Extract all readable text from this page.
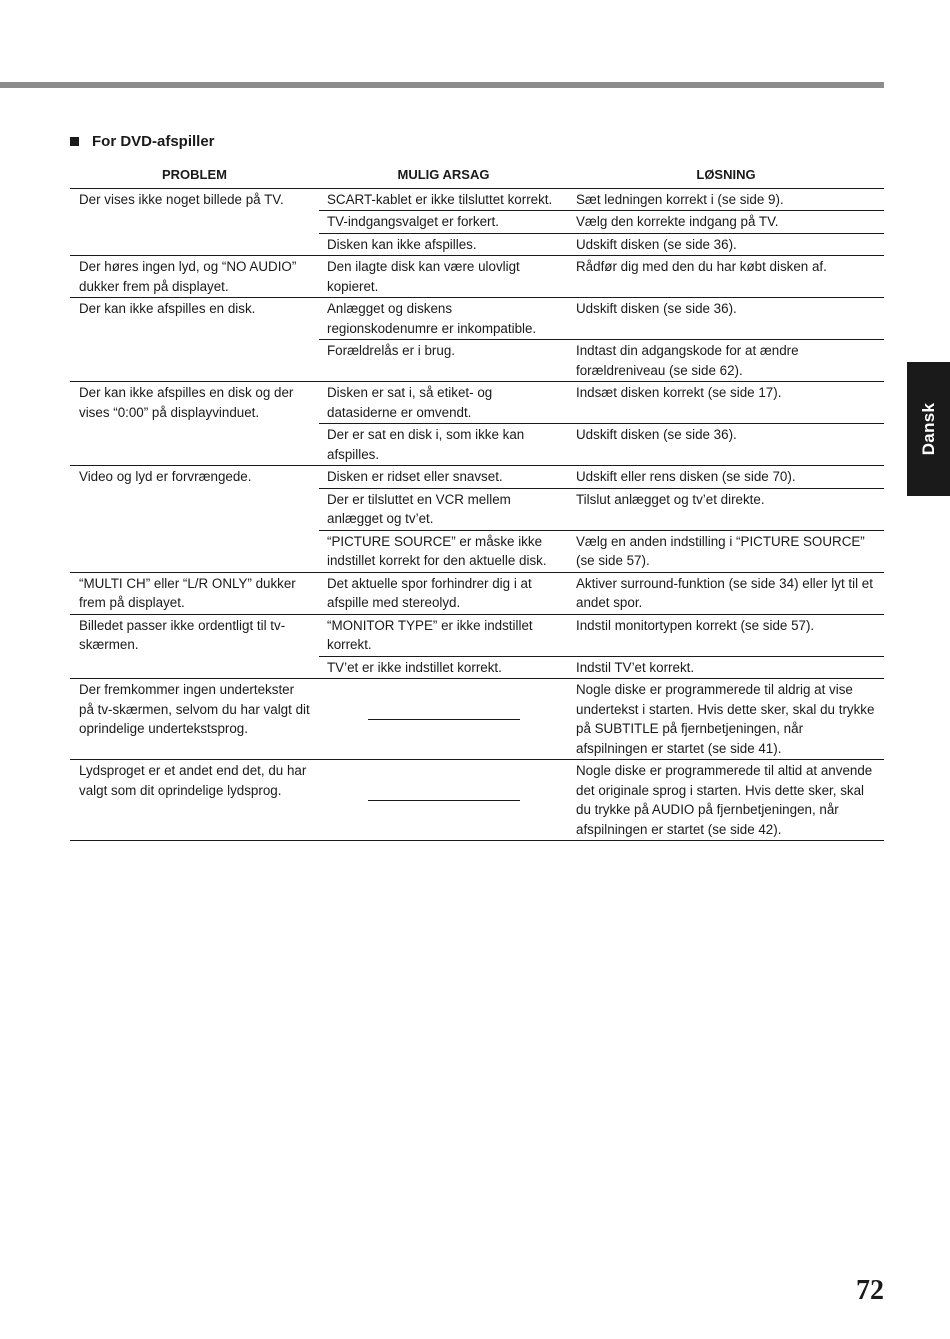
For DVD-afspiller
Dansk
PROBLEM	MULIG ARSAG	LØSNING
Der vises ikke noget billede på TV.	SCART-kablet er ikke tilsluttet korrekt.	Sæt ledningen korrekt i (se side 9).
	TV-indgangsvalget er forkert.	Vælg den korrekte indgang på TV.
	Disken kan ikke afspilles.	Udskift disken (se side 36).
Der høres ingen lyd, og “NO AUDIO” dukker frem på displayet.	Den ilagte disk kan være ulovligt kopieret.	Rådfør dig med den du har købt disken af.
Der kan ikke afspilles en disk.	Anlægget og diskens regionskodenumre er inkompatible.	Udskift disken (se side 36).
	Forældrelås er i brug.	Indtast din adgangskode for at ændre forældreniveau (se side 62).
Der kan ikke afspilles en disk og der vises “0:00” på displayvinduet.	Disken er sat i, så etiket- og datasiderne er omvendt.	Indsæt disken korrekt (se side 17).
	Der er sat en disk i, som ikke kan afspilles.	Udskift disken (se side 36).
Video og lyd er forvrængede.	Disken er ridset eller snavset.	Udskift eller rens disken (se side 70).
	Der er tilsluttet en VCR mellem anlægget og tv’et.	Tilslut anlægget og tv’et direkte.
	“PICTURE SOURCE” er måske ikke indstillet korrekt for den aktuelle disk.	Vælg en anden indstilling i “PICTURE SOURCE” (se side 57).
“MULTI CH” eller “L/R ONLY” dukker frem på displayet.	Det aktuelle spor forhindrer dig i at afspille med stereolyd.	Aktiver surround-funktion (se side 34) eller lyt til et andet spor.
Billedet passer ikke ordentligt til tv-skærmen.	“MONITOR TYPE” er ikke indstillet korrekt.	Indstil monitortypen korrekt (se side 57).
	TV’et er ikke indstillet korrekt.	Indstil TV’et korrekt.
Der fremkommer ingen undertekster på tv-skærmen, selvom du har valgt dit oprindelige undertekstsprog.		Nogle diske er programmerede til aldrig at vise undertekst i starten. Hvis dette sker, skal du trykke på SUBTITLE på fjernbetjeningen, når afspilningen er startet (se side 41).
Lydsproget er et andet end det, du har valgt som dit oprindelige lydsprog.		Nogle diske er programmerede til altid at anvende det originale sprog i starten. Hvis dette sker, skal du trykke på AUDIO på fjernbetjeningen, når afspilningen er startet (se side 42).
72
